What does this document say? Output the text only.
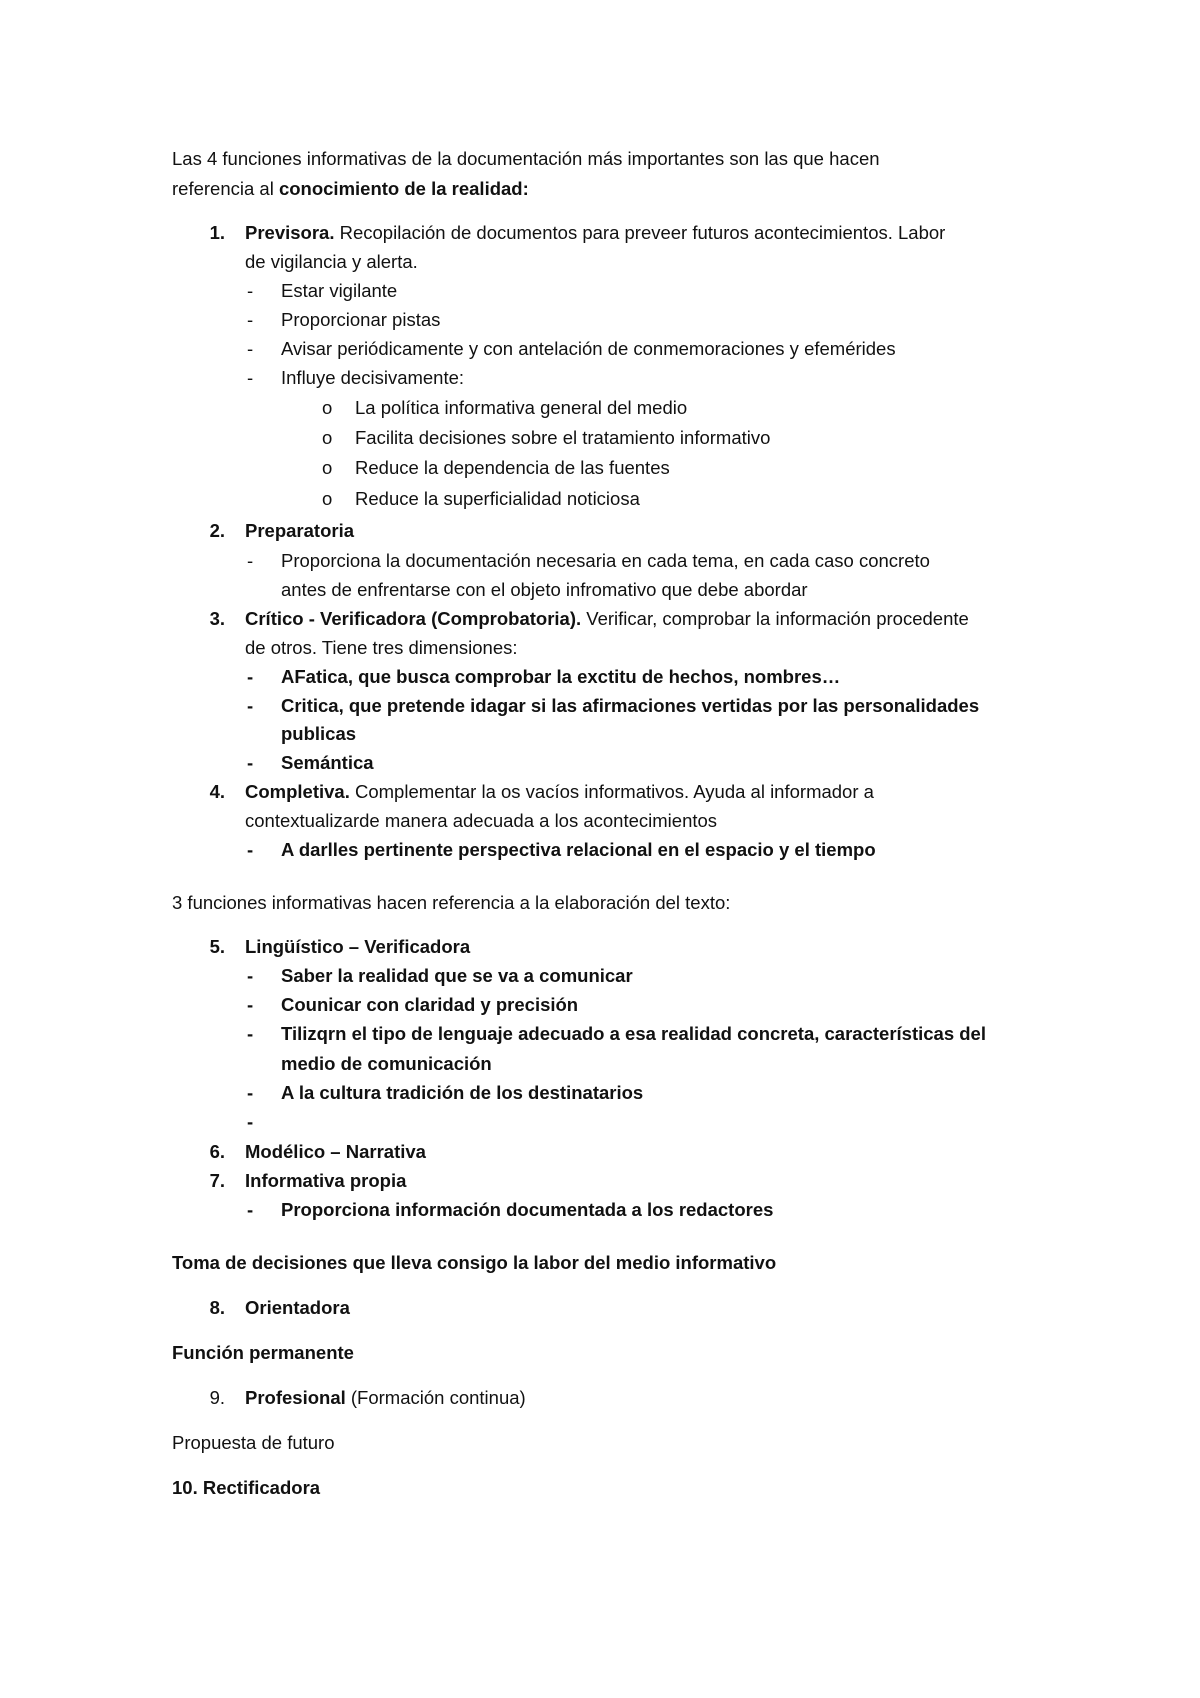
Las 4 funciones informativas de la documentación más importantes son las que hacen
referencia al conocimiento de la realidad:
1. Previsora. Recopilación de documentos para preveer futuros acontecimientos. Labor
de vigilancia y alerta.
- Estar vigilante
- Proporcionar pistas
- Avisar periódicamente y con antelación de conmemoraciones y efemérides
- Influye decisivamente:
o La política informativa general del medio
o Facilita decisiones sobre el tratamiento informativo
o Reduce la dependencia de las fuentes
o Reduce la superficialidad noticiosa
2. Preparatoria
- Proporciona la documentación necesaria en cada tema, en cada caso concreto
antes de enfrentarse con el objeto infromativo que debe abordar
3. Crítico - Verificadora (Comprobatoria). Verificar, comprobar la información procedente
de otros. Tiene tres dimensiones:
- AFatica, que busca comprobar la exctitu de hechos, nombres…
- Critica, que pretende idagar si las afirmaciones vertidas por las personalidades
publicas
- Semántica
4. Completiva. Complementar la os vacíos informativos. Ayuda al informador a
contextualizarde manera adecuada a los acontecimientos
- A darlles pertinente perspectiva relacional en el espacio y el tiempo
3 funciones informativas hacen referencia a la elaboración del texto:
5. Lingüístico – Verificadora
- Saber la realidad que se va a comunicar
- Counicar con claridad y precisión
- Tilizqrn el tipo de lenguaje adecuado a esa realidad concreta, características del
medio de comunicación
- A la cultura tradición de los destinatarios
-
6. Modélico – Narrativa
7. Informativa propia
- Proporciona información documentada a los redactores
Toma de decisiones que lleva consigo la labor del medio informativo
8. Orientadora
Función permanente
9. Profesional (Formación continua)
Propuesta de futuro
10. Rectificadora
